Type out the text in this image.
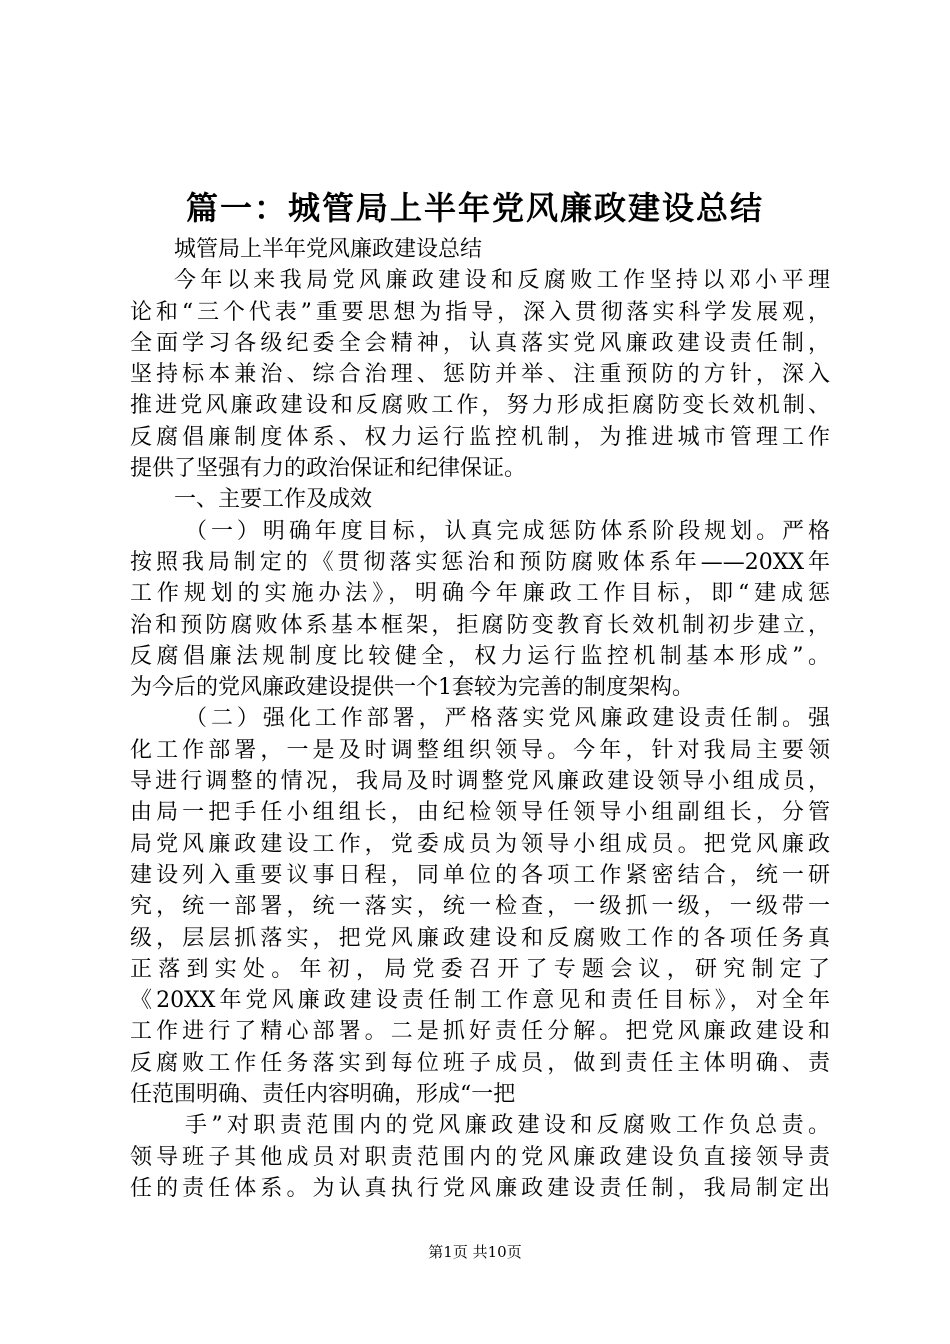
篇一：城管局上半年党风廉政建设总结
城管局上半年党风廉政建设总结
今年以来我局党风廉政建设和反腐败工作坚持以邓小平理
论和“三个代表”重要思想为指导，深入贯彻落实科学发展观，
全面学习各级纪委全会精神，认真落实党风廉政建设责任制，
坚持标本兼治、综合治理、惩防并举、注重预防的方针，深入
推进党风廉政建设和反腐败工作，努力形成拒腐防变长效机制、
反腐倡廉制度体系、权力运行监控机制，为推进城市管理工作
提供了坚强有力的政治保证和纪律保证。
一、主要工作及成效
（一）明确年度目标，认真完成惩防体系阶段规划。严格
按照我局制定的《贯彻落实惩治和预防腐败体系年——20XX年
工作规划的实施办法》，明确今年廉政工作目标，即“建成惩
治和预防腐败体系基本框架，拒腐防变教育长效机制初步建立，
反腐倡廉法规制度比较健全，权力运行监控机制基本形成”。
为今后的党风廉政建设提供一个1套较为完善的制度架构。
（二）强化工作部署，严格落实党风廉政建设责任制。强
化工作部署，一是及时调整组织领导。今年，针对我局主要领
导进行调整的情况，我局及时调整党风廉政建设领导小组成员，
由局一把手任小组组长，由纪检领导任领导小组副组长，分管
局党风廉政建设工作，党委成员为领导小组成员。把党风廉政
建设列入重要议事日程，同单位的各项工作紧密结合，统一研
究，统一部署，统一落实，统一检查，一级抓一级，一级带一
级，层层抓落实，把党风廉政建设和反腐败工作的各项任务真
正落到实处。年初，局党委召开了专题会议，研究制定了
《20XX年党风廉政建设责任制工作意见和责任目标》，对全年
工作进行了精心部署。二是抓好责任分解。把党风廉政建设和
反腐败工作任务落实到每位班子成员，做到责任主体明确、责
任范围明确、责任内容明确，形成“一把
手”对职责范围内的党风廉政建设和反腐败工作负总责。
领导班子其他成员对职责范围内的党风廉政建设负直接领导责
任的责任体系。为认真执行党风廉政建设责任制，我局制定出
第1页 共10页
